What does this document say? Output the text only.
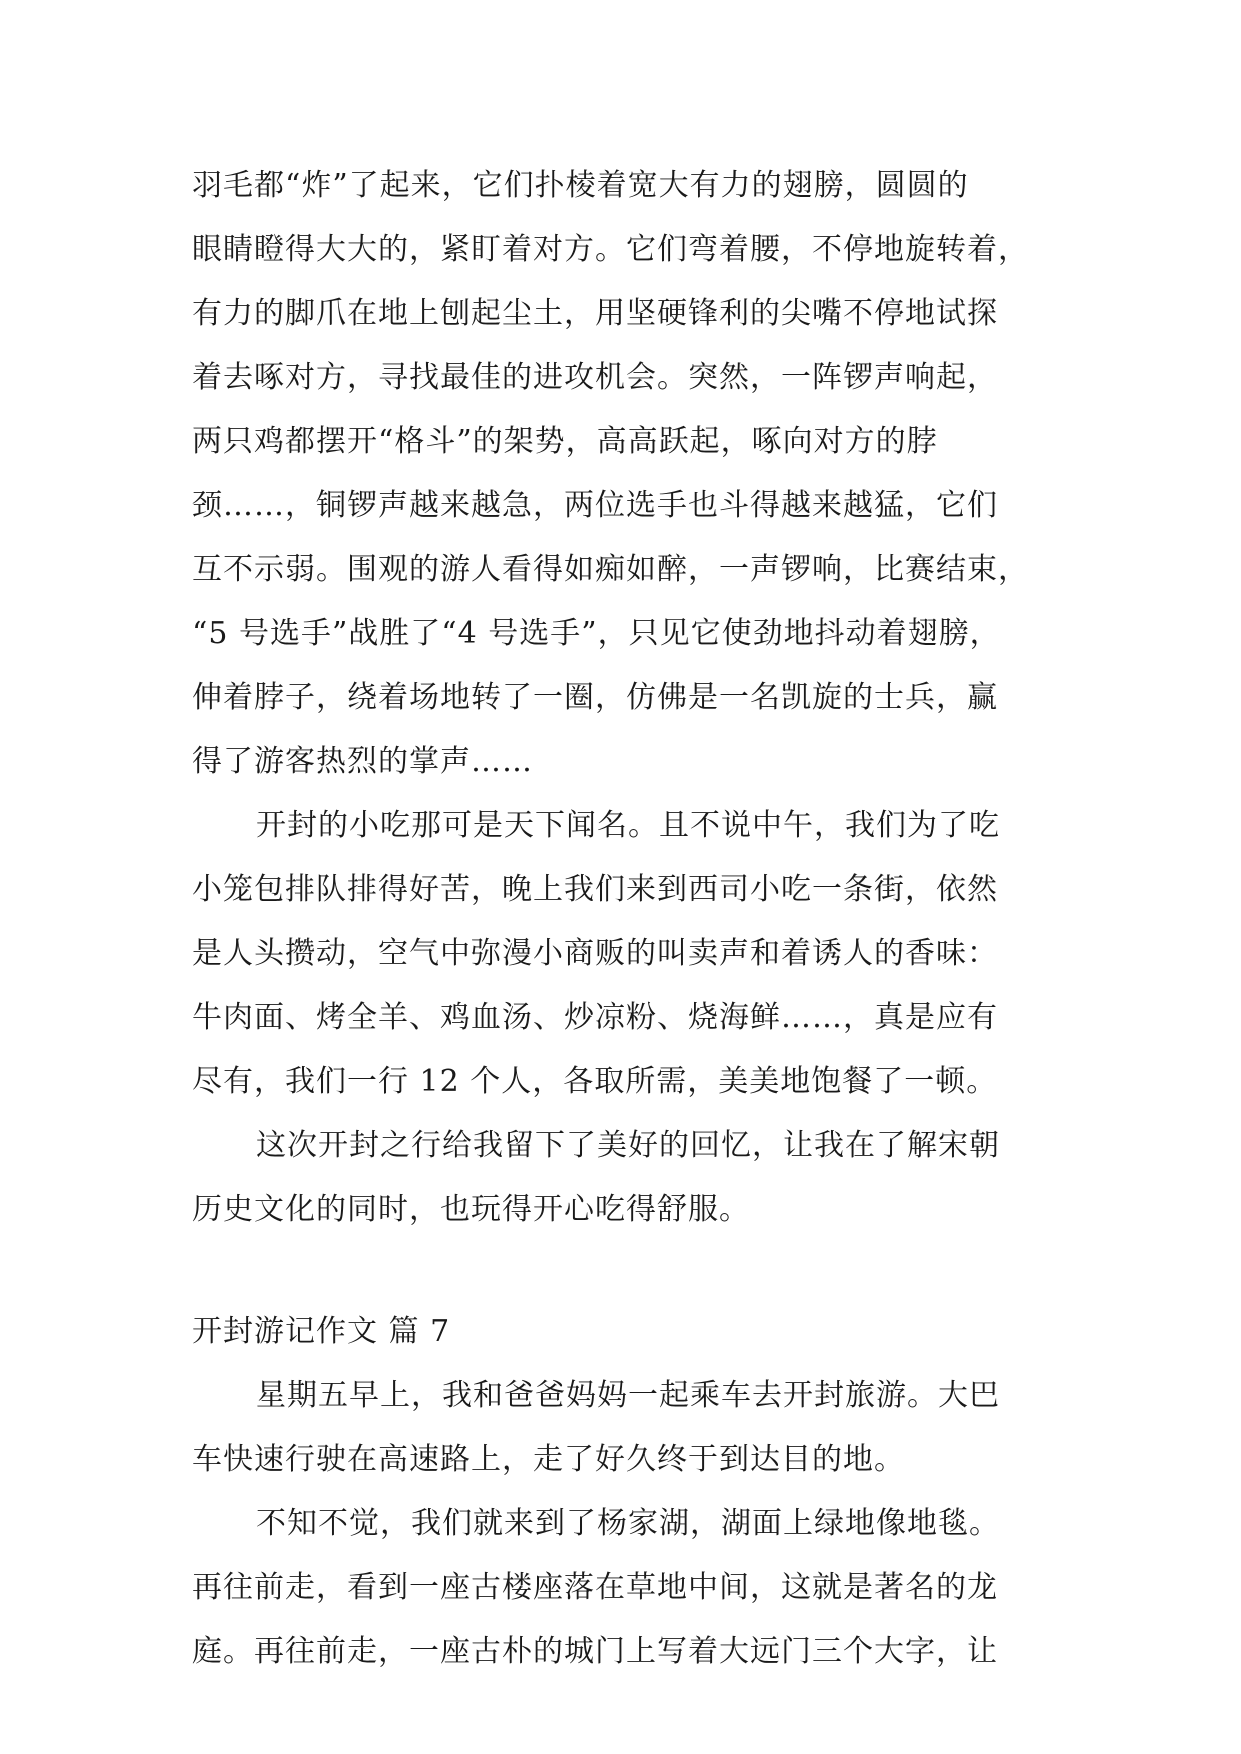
羽毛都“炸”了起来，它们扑棱着宽大有力的翅膀，圆圆的
眼睛瞪得大大的，紧盯着对方。它们弯着腰，不停地旋转着，
有力的脚爪在地上刨起尘土，用坚硬锋利的尖嘴不停地试探
着去啄对方，寻找最佳的进攻机会。突然，一阵锣声响起，
两只鸡都摆开“格斗”的架势，高高跃起，啄向对方的脖
颈……，铜锣声越来越急，两位选手也斗得越来越猛，它们
互不示弱。围观的游人看得如痴如醉，一声锣响，比赛结束，
“5 号选手”战胜了“4 号选手”，只见它使劲地抖动着翅膀，
伸着脖子，绕着场地转了一圈，仿佛是一名凯旋的士兵，赢
得了游客热烈的掌声……
开封的小吃那可是天下闻名。且不说中午，我们为了吃
小笼包排队排得好苦，晚上我们来到西司小吃一条街，依然
是人头攒动，空气中弥漫小商贩的叫卖声和着诱人的香味：
牛肉面、烤全羊、鸡血汤、炒凉粉、烧海鲜……，真是应有
尽有，我们一行 12 个人，各取所需，美美地饱餐了一顿。
这次开封之行给我留下了美好的回忆，让我在了解宋朝
历史文化的同时，也玩得开心吃得舒服。
开封游记作文 篇 7
星期五早上，我和爸爸妈妈一起乘车去开封旅游。大巴
车快速行驶在高速路上，走了好久终于到达目的地。
不知不觉，我们就来到了杨家湖，湖面上绿地像地毯。
再往前走，看到一座古楼座落在草地中间，这就是著名的龙
庭。再往前走，一座古朴的城门上写着大远门三个大字，让
